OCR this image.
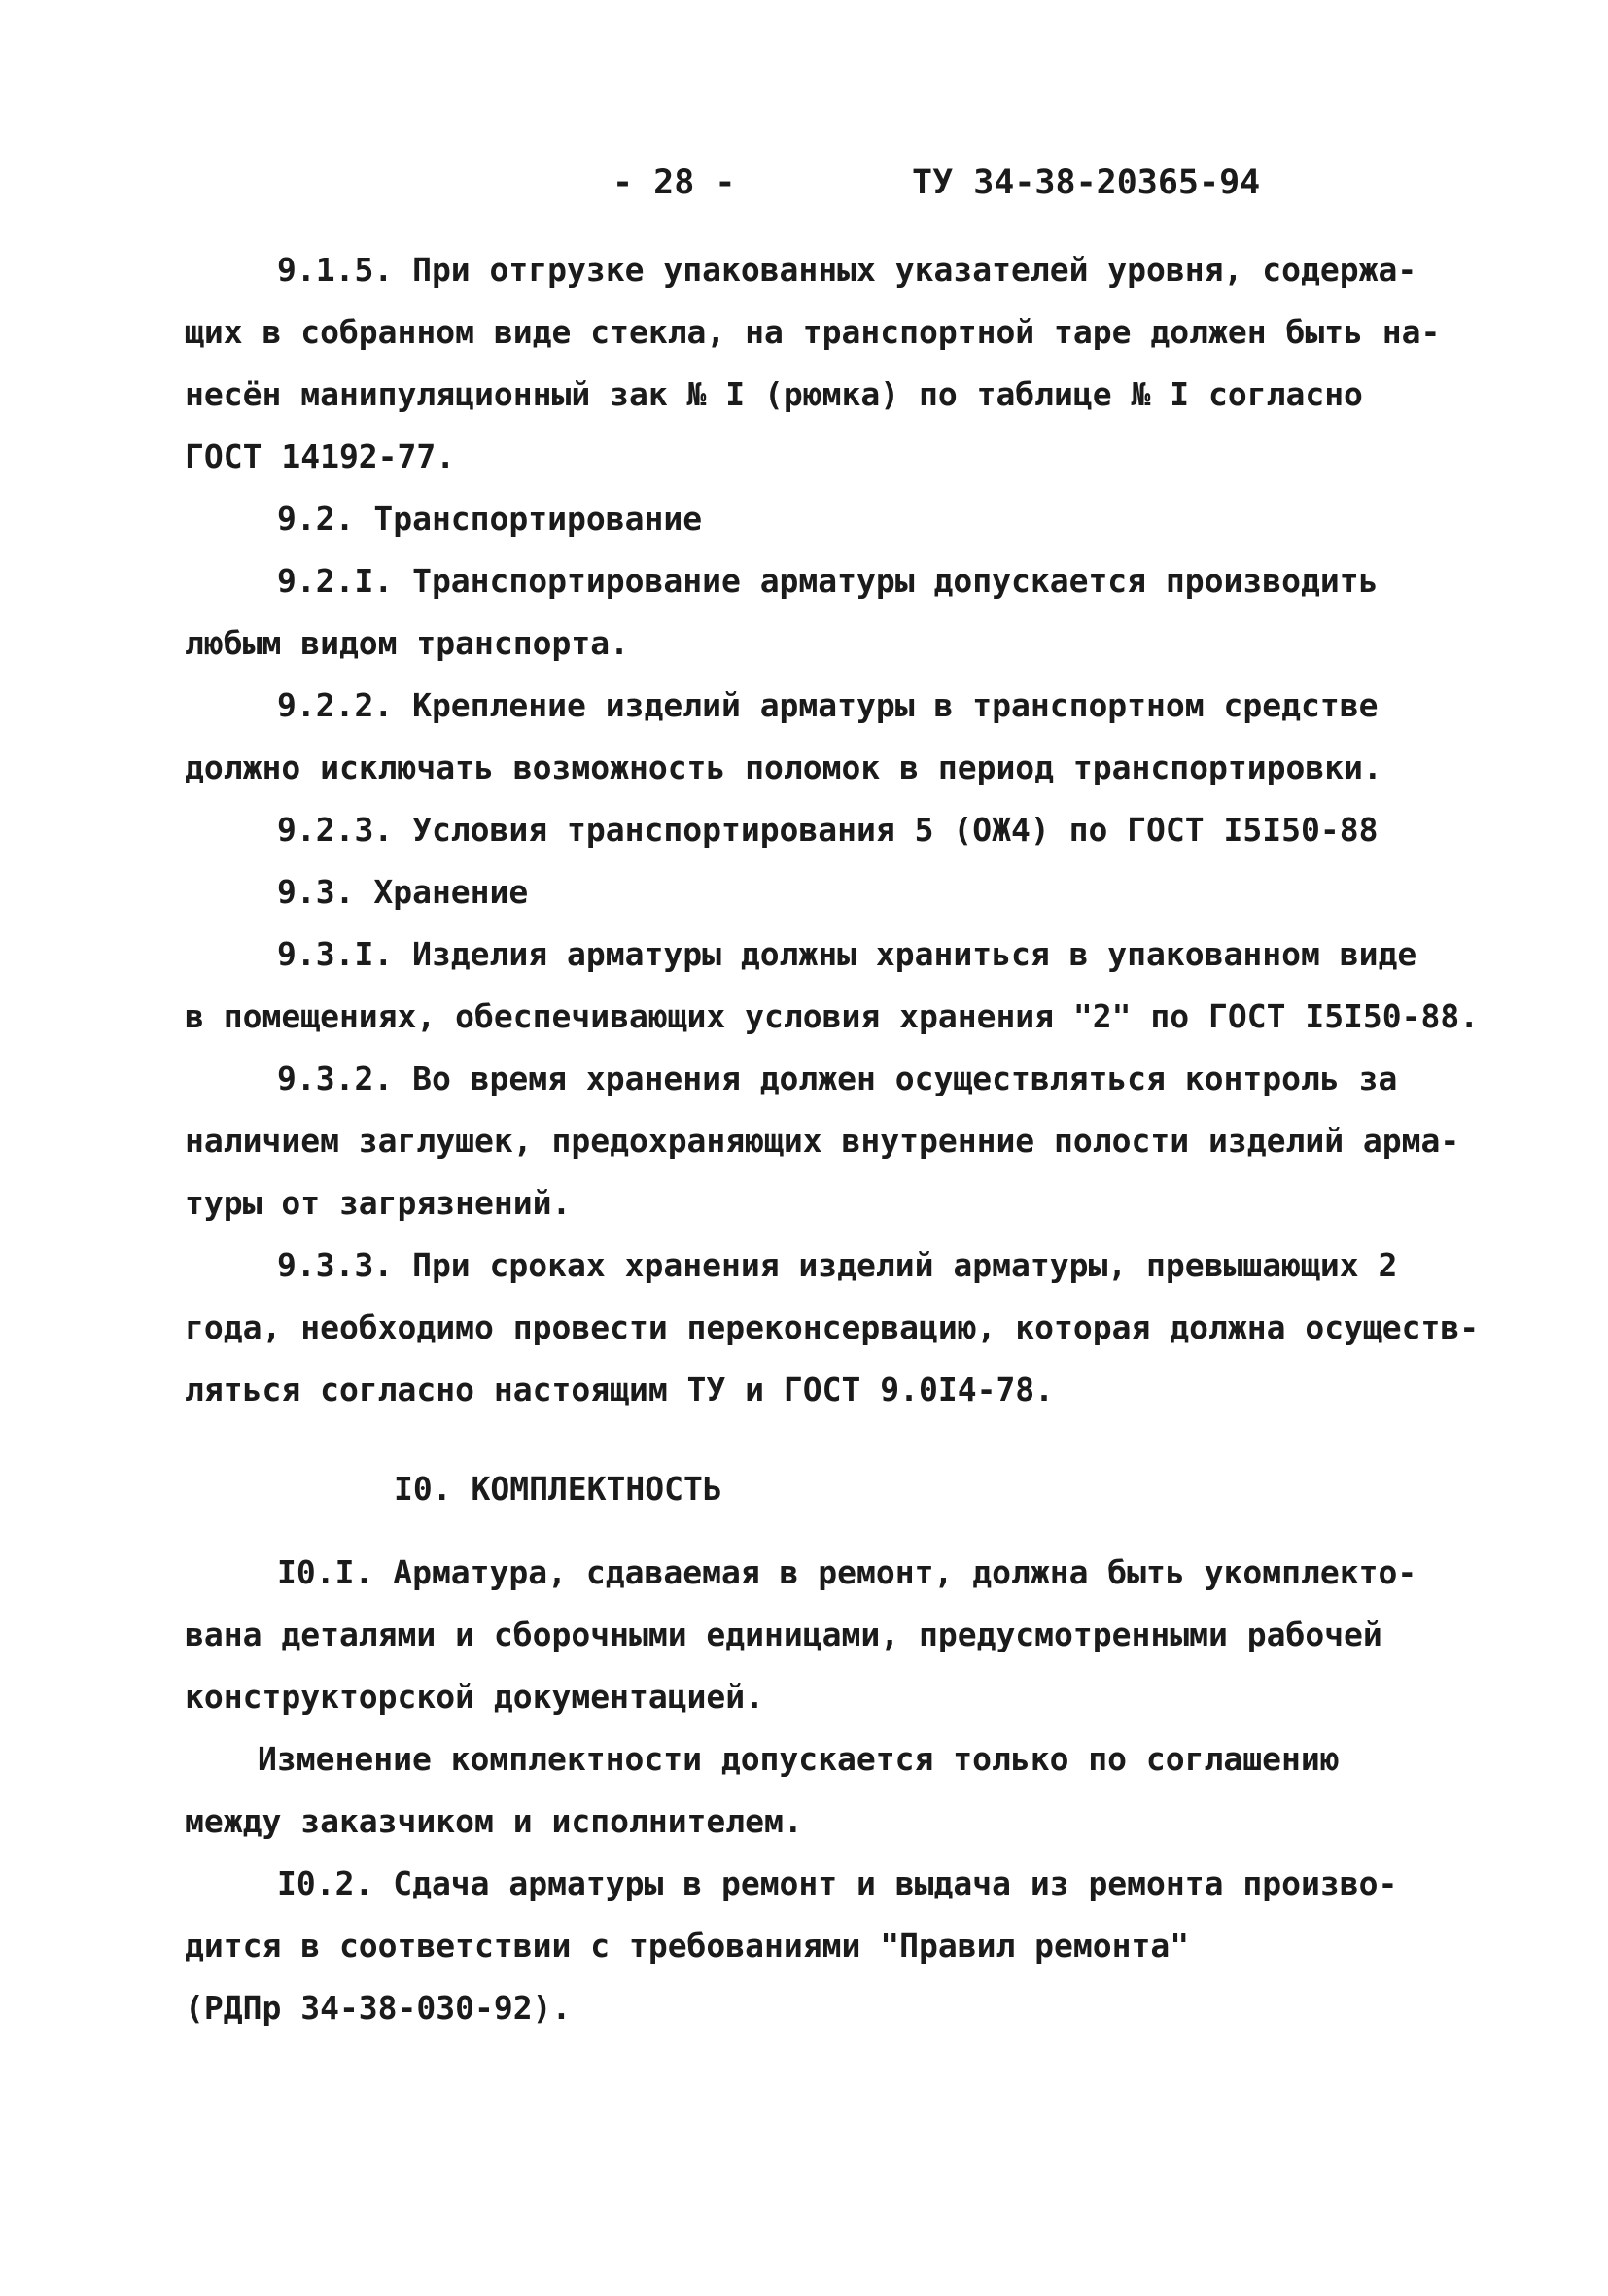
- 28 -	ТУ 34-38-20365-94

9.1.5. При отгрузке упакованных указателей уровня, содержа-

щих в собранном виде стекла, на транспортной таре должен быть на-

несён манипуляционный зак № I (рюмка) по таблице № I согласно

ГОСТ 14192-77.

9.2. Транспортирование

9.2.I. Транспортирование арматуры допускается производить

любым видом транспорта.

9.2.2. Крепление изделий арматуры в транспортном средстве

должно исключать возможность поломок в период транспортировки.

9.2.3. Условия транспортирования 5 (ОЖ4) по ГОСТ I5I50-88

9.3. Хранение

9.3.I. Изделия арматуры должны храниться в упакованном виде

в помещениях, обеспечивающих условия хранения "2" по ГОСТ I5I50-88.

9.3.2. Во время хранения должен осуществляться контроль за

наличием заглушек, предохраняющих внутренние полости изделий арма-

туры от загрязнений.

9.3.3. При сроках хранения изделий арматуры, превышающих 2

года, необходимо провести переконсервацию, которая должна осуществ-

ляться согласно настоящим ТУ и ГОСТ 9.0I4-78.

I0. КОМПЛЕКТНОСТЬ

I0.I. Арматура, сдаваемая в ремонт, должна быть укомплекто-

вана деталями и сборочными единицами, предусмотренными рабочей

конструкторской документацией.

Изменение комплектности допускается только по соглашению

между заказчиком и исполнителем.

I0.2. Сдача арматуры в ремонт и выдача из ремонта произво-

дится в соответствии с требованиями "Правил ремонта"

(РДПр 34-38-030-92).
